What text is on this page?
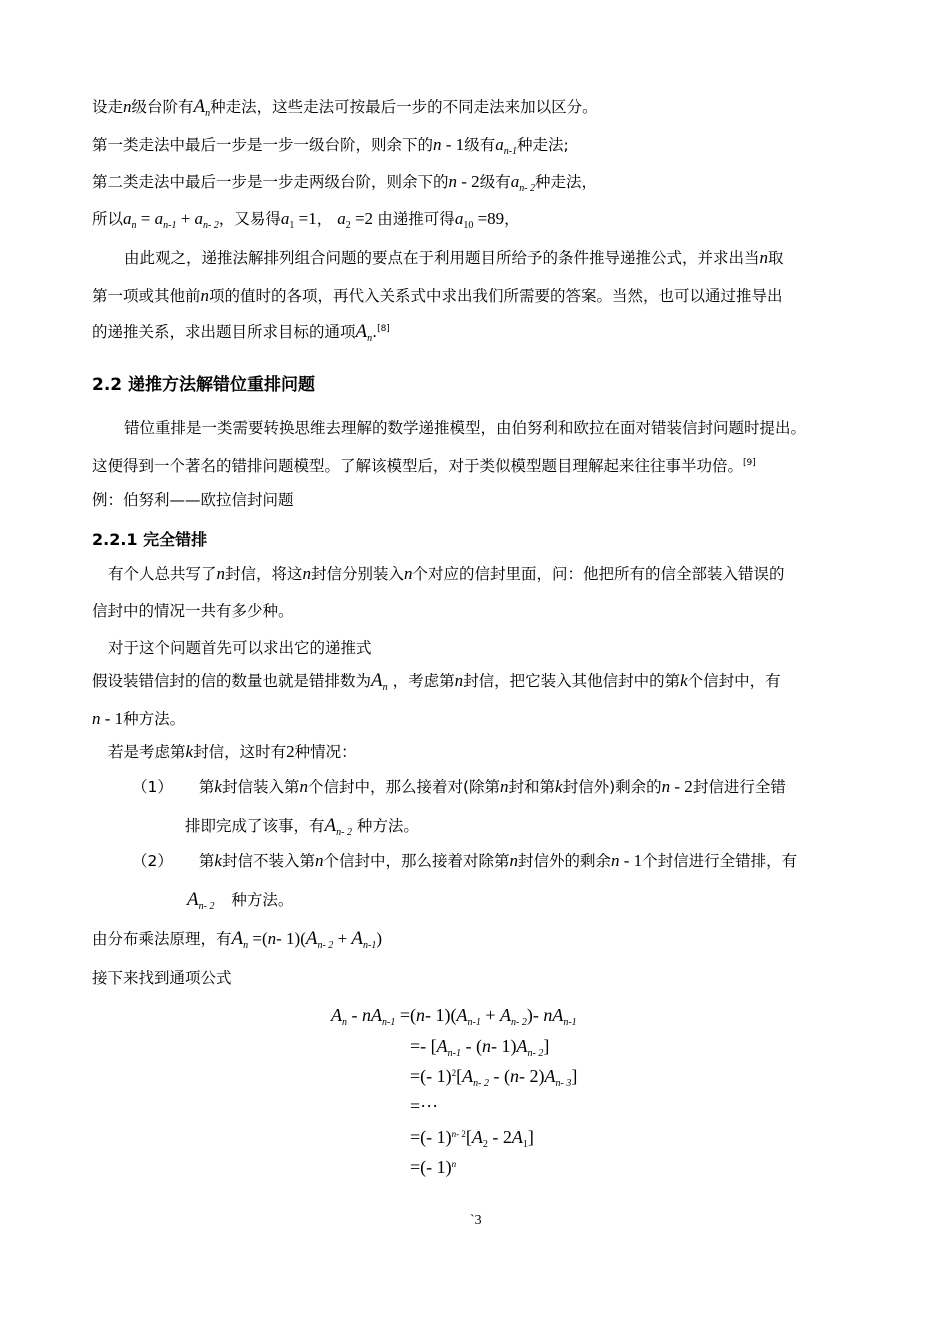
设走n级台阶有$A_n$种走法，这些走法可按最后一步的不同走法来加以区分。
第一类走法中最后一步是一步一级台阶，则余下的n - 1级有$a_{n-1}$种走法;
第二类走法中最后一步是一步走两级台阶，则余下的n - 2级有$a_{n- 2}$种走法，
所以$a_n = a_{n-1} + a_{n- 2}$，又易得$a_1 =1$， $a_2 =2$ 由递推可得$a_{10} =89$，
由此观之，递推法解排列组合问题的要点在于利用题目所给予的条件推导递推公式，并求出当n取
第一项或其他前n项的值时的各项，再代入关系式中求出我们所需要的答案。当然，也可以通过推导出
的递推关系，求出题目所求目标的通项$A_n.[8]$
2.2 递推方法解错位重排问题
错位重排是一类需要转换思维去理解的数学递推模型，由伯努利和欧拉在面对错装信封问题时提出。
这便得到一个著名的错排问题模型。了解该模型后，对于类似模型题目理解起来往往事半功倍。[9]
例：伯努利——欧拉信封问题
2.2.1 完全错排
有个人总共写了n封信，将这n封信分别装入n个对应的信封里面，问：他把所有的信全部装入错误的
信封中的情况一共有多少种。
对于这个问题首先可以求出它的递推式
假设装错信封的信的数量也就是错排数为$A_n$ ，考虑第n封信，把它装入其他信封中的第k个信封中，有
n - 1种方法。
若是考虑第k封信，这时有2种情况：
（1） 第k封信装入第n个信封中，那么接着对(除第n封和第k封信外)剩余的n - 2封信进行全错
排即完成了该事，有$A_{n- 2}$ 种方法。
（2） 第k封信不装入第n个信封中，那么接着对除第n封信外的剩余n - 1个封信进行全错排，有
$A_{n- 2}$ 种方法。
由分布乘法原理，有$A_n =(n-$ $1)(A_{n- 2} + A_{n-1})$
接下来找到通项公式
$A_n - nA_{n-1} =(n-$ $1)(A_{n-1} + A_{n- 2})-$ $nA_{n-1}$
=- [$A_{n-1} - (n-$ $1)A_{n- 2}$]
=(- $1)^2[A_{n- 2} - (n-$ $2)A_{n- 3}$]
=···
=(- $1)^{n- 2}[A_2 - 2A_1]$
=(- 1)$^n$
`3
